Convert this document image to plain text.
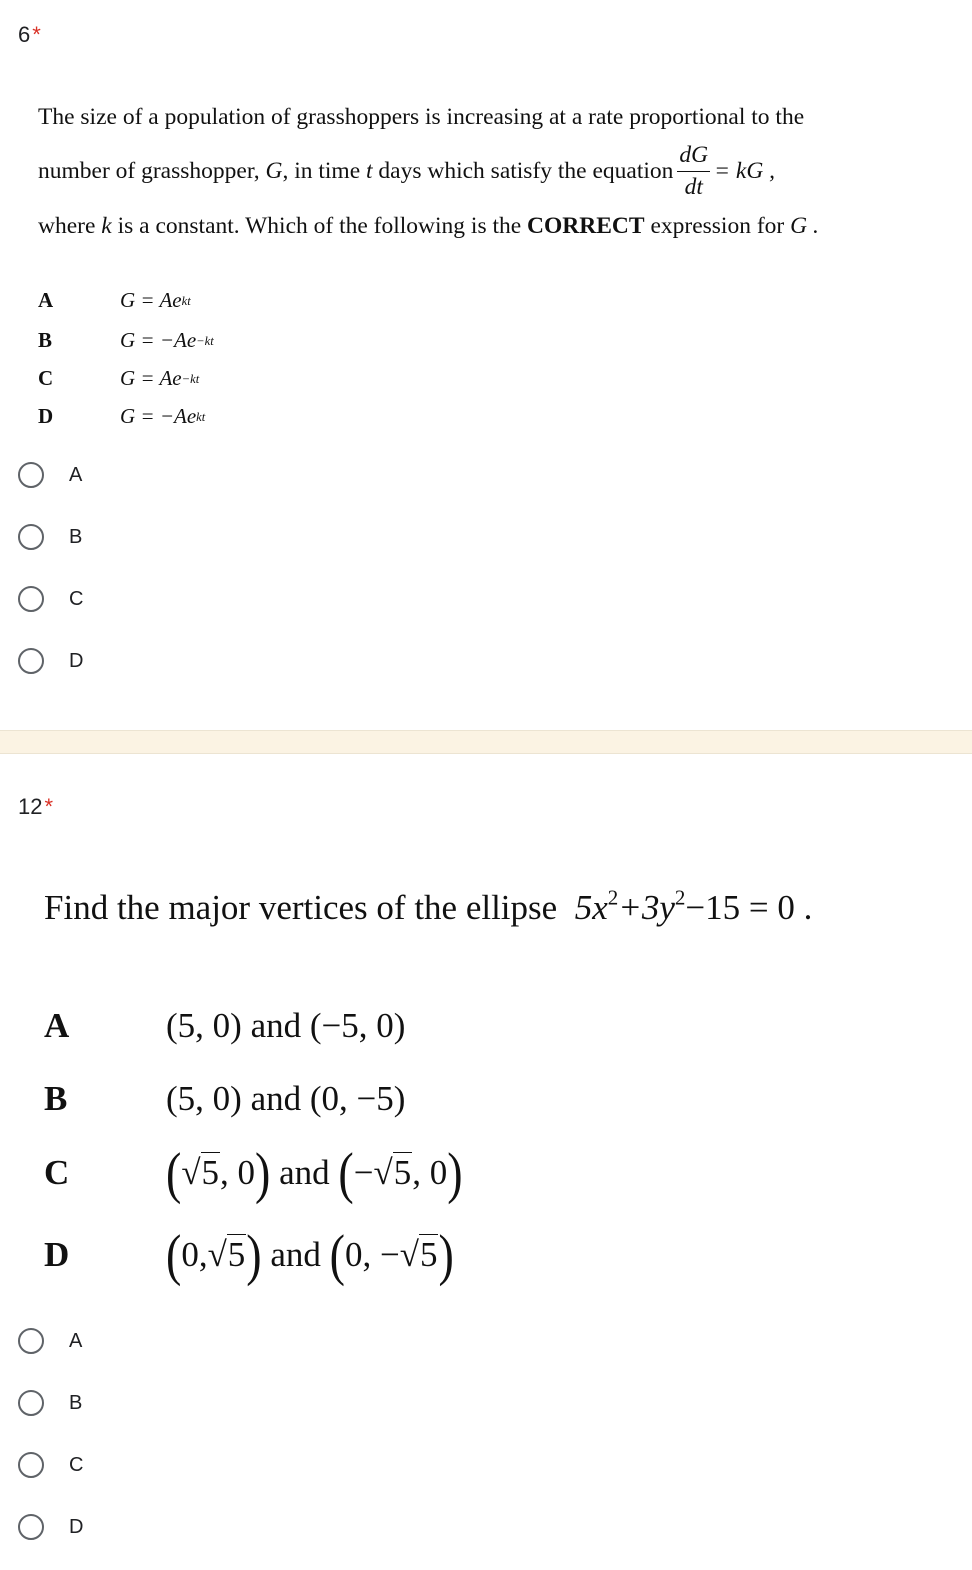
6*
The size of a population of grasshoppers is increasing at a rate proportional to the
number of grasshopper,
G , in time
t
days which satisfy the equation $\frac{dG}{dt}$ = kG ,
where k is a constant. Which of the following is the CORRECT expression for G .
A	G = Ae kt
B	G = −Ae −kt
C	G = Ae −kt
D	G = −Ae kt
A
B
C
D
12*
Find the major vertices of the ellipse $5x^2+3y^2-15 = 0$ .
A	(5, 0)
and
(−5, 0)
B	(5, 0)
and
(0, −5)
C	( √5 , 0 )
and
( − √5 , 0 )
D	( 0, √5 )
and
( 0, − √5 )
A
B
C
D
